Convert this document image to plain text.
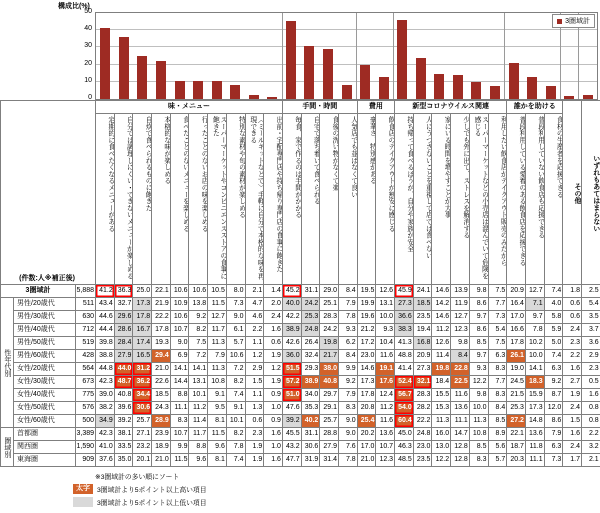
構成比(%)
3圏域計
0
10
20
30
40
50
(件数:人※補正後)			味・メニュー										手間・時間				費用		新型コロナウイルス関連						誰かを助ける			その他	いずれもあてはまらない
			定期的に食べたくなるメニューがある	自分では調理しにくい・できないメニューが楽しめる	自炊で食べられるものに飽きた	本格的な味が楽しめる	食べたことのないメニューを楽しめる	行ったことのないお店の味を楽しめる	スーパーマーケットやコンビニエンスストアの食事に飽きた	特別な素材や旬の素材が楽しめる	〈ミールキットなどで〉手軽に自分で本格的な味を再現できる	出前・宅配専門店や持ち帰り専門店の食事に飽きた	毎食、家で作るのは手間がかかる	自宅で落ち着いて食べられる	食後の洗い物がなくて楽	人気店でも並ばなくて良い	豪華さ、特別感がある	飲食店のテイクアウトが割安に感じる	持ち帰って食べるほうが、自分や家族が安全	人にうつさないことを重視して店では食べない	家にいる時間を増やすことが大事	少しでも外に出て、ストレスを解消する	スーパーマーケットなどの小売店は混んでいて危険を感じる	利用したい飲食店がテイクアウト販売のみだから	普段利用している愛着のある飲食店を応援できる	普段利用していない飲食店も応援できる	食材の生産者を応援できる		
3圏域計		5,888	41.2	36.3	25.0	22.1	10.6	10.6	10.5	8.0	2.1	1.4	45.2	31.1	29.0	8.4	19.5	12.6	45.9	24.1	14.6	13.9	9.8	7.5	20.9	12.7	7.4	1.8	2.5
性年代別	男性/20歳代	511	43.4	32.7	17.3	21.9	10.9	13.8	11.5	7.3	4.7	2.0	40.0	24.2	25.1	7.9	19.9	13.1	27.3	18.5	14.2	11.9	8.6	7.7	16.4	7.1	4.0	0.6	5.4
	男性/30歳代	630	44.6	29.6	17.8	22.2	10.6	9.2	12.7	9.0	4.6	2.4	42.2	25.3	28.3	7.8	19.6	10.0	36.6	23.5	14.6	12.7	9.7	7.3	17.0	9.7	5.8	0.6	3.5
	男性/40歳代	712	44.4	28.6	16.7	17.8	10.7	8.2	11.7	6.1	2.2	1.6	38.9	24.8	24.2	9.3	21.2	9.3	38.3	19.4	11.2	12.3	8.6	5.4	16.6	7.8	5.9	2.4	3.7
	男性/50歳代	519	39.8	28.4	17.4	19.3	9.0	7.5	11.3	5.7	1.1	0.6	42.6	26.4	19.8	6.2	17.2	10.4	41.3	16.8	12.6	9.8	8.5	7.5	17.8	10.2	5.0	2.3	3.6
	男性/60歳代	428	38.8	27.9	16.5	29.4	6.9	7.2	7.9	10.6	1.2	1.9	36.0	32.4	21.7	8.4	23.0	11.6	48.8	20.9	11.4	8.4	9.7	6.3	26.1	10.0	7.4	2.2	2.9
	女性/20歳代	564	44.8	44.0	31.2	21.0	14.1	14.1	11.3	7.2	2.9	1.2	51.5	29.3	38.0	9.9	14.6	19.1	41.4	27.3	19.8	22.8	9.3	8.3	19.0	14.1	6.3	1.6	2.3
	女性/30歳代	673	42.3	48.7	36.2	22.6	14.4	13.1	10.8	8.2	1.5	1.9	57.2	38.9	40.8	9.2	17.3	17.6	52.4	32.1	18.4	22.5	12.2	7.7	24.5	18.3	9.2	2.7	0.5
	女性/40歳代	775	39.0	40.8	34.4	18.5	8.8	10.1	9.1	7.4	1.1	0.9	51.0	34.0	29.7	7.9	17.8	12.4	56.7	28.3	15.5	11.6	9.8	8.3	21.5	15.9	8.7	1.9	1.6
	女性/50歳代	576	38.2	39.6	30.6	24.3	11.1	11.2	9.5	9.1	1.3	1.0	47.6	35.3	29.1	8.3	20.8	11.2	54.0	28.2	15.3	13.6	10.0	8.4	25.3	17.3	12.0	2.4	0.8
	女性/60歳代	500	34.9	39.2	25.7	28.9	8.3	11.4	8.1	10.1	0.6	0.9	39.2	40.2	25.7	9.0	25.4	11.6	60.4	22.2	11.3	11.1	11.3	8.5	27.2	14.8	8.6	1.5	0.8
圏域別	首都圏	3,389	42.3	38.1	27.1	23.9	10.7	11.7	11.5	8.2	2.3	1.6	45.5	31.1	28.8	9.0	20.2	13.6	45.0	24.8	16.0	14.7	10.8	8.9	22.1	13.6	7.9	1.6	2.2
	関西圏	1,590	41.0	33.5	23.2	18.9	9.9	8.8	9.6	7.8	1.9	1.0	43.2	30.6	27.9	7.6	17.0	10.7	46.3	23.0	13.0	12.8	8.5	5.6	18.7	11.8	6.3	2.4	3.2
	東海圏	909	37.6	35.0	20.1	21.0	11.5	9.6	8.1	7.4	1.9	1.6	47.7	31.9	31.4	7.8	21.0	12.3	48.5	23.5	12.2	12.8	8.3	5.7	20.3	11.1	7.3	1.7	2.1
※3圏域計の多い順にソート
太字	3圏域計より5ポイント以上高い項目
3圏域計より5ポイント以上低い項目
